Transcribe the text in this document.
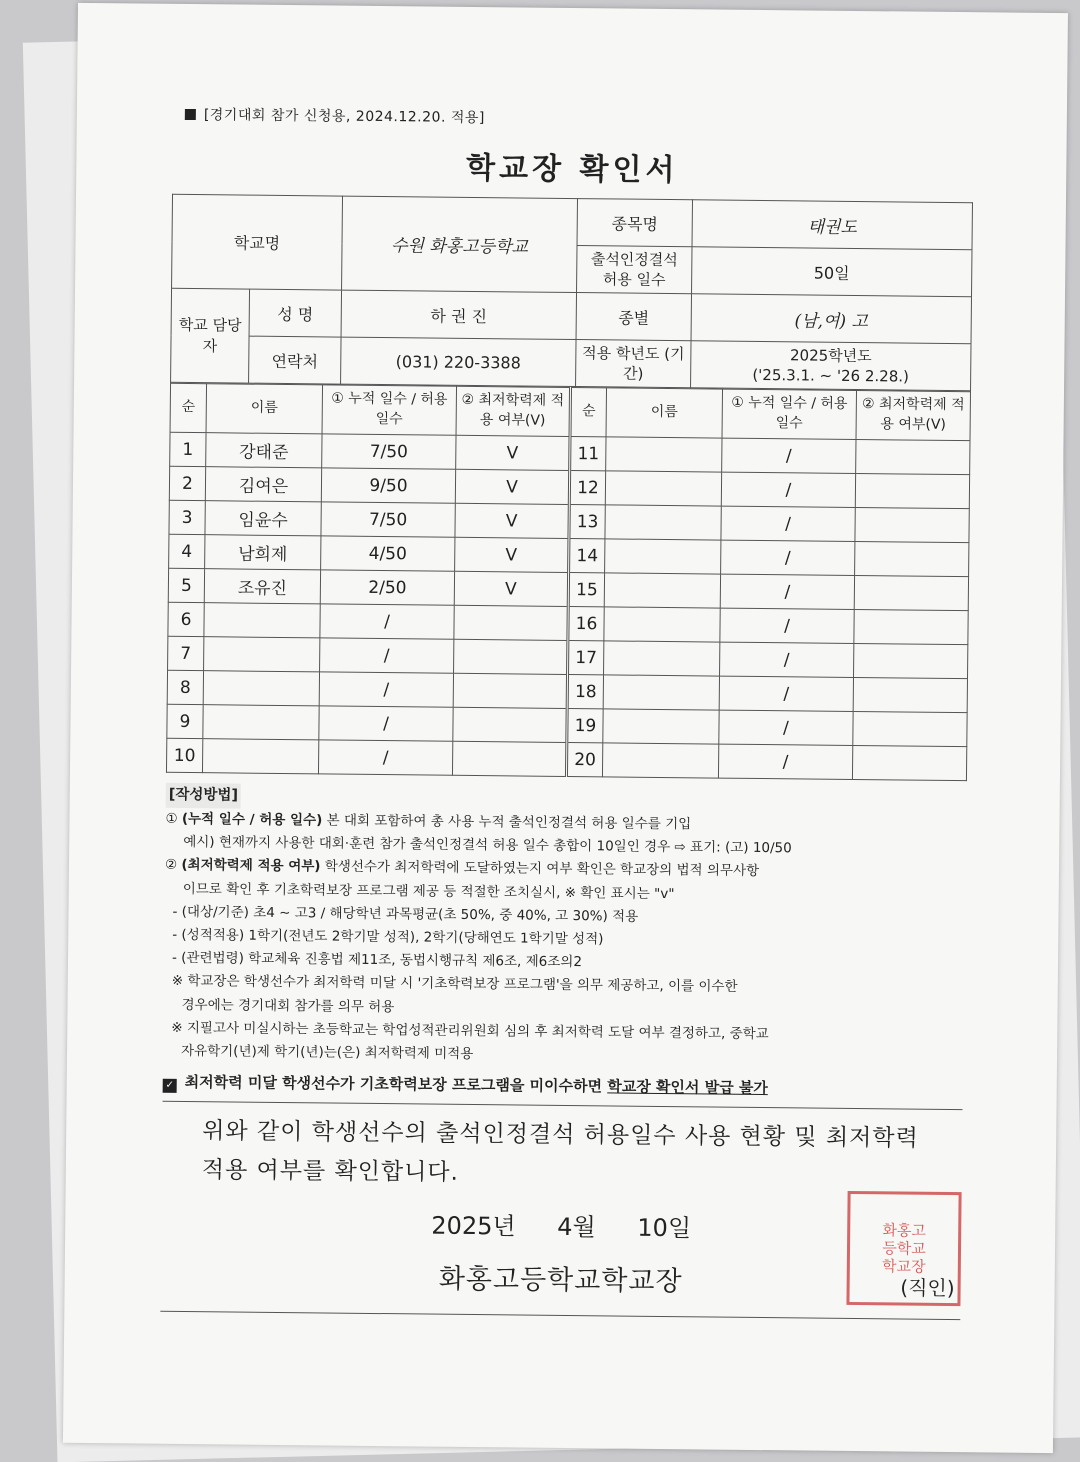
[경기대회 참가 신청용, 2024.12.20. 적용]
학교장 확인서
학교명		수원 화홍고등학교	종목명	태권도
			출석인정결석 허용 일수	50일
학교 담당자	성 명	하 권 진	종별	(남,여) 고
	연락처	(031) 220-3388	적용 학년도 (기간)	2025학년도
('25.3.1. ~ '26 2.28.)
순	이름	① 누적 일수 / 허용 일수	② 최저학력제 적용 여부(V)	순	이름	① 누적 일수 / 허용 일수	② 최저학력제 적용 여부(V)
1	강태준	7/50	V	11		/	
2	김여은	9/50	V	12		/	
3	임윤수	7/50	V	13		/	
4	남희제	4/50	V	14		/	
5	조유진	2/50	V	15		/	
6		/		16		/	
7		/		17		/	
8		/		18		/	
9		/		19		/	
10		/		20		/	
[작성방법]
① (누적 일수 / 허용 일수) 본 대회 포함하여 총 사용 누적 출석인정결석 허용 일수를 기입
예시) 현재까지 사용한 대회·훈련 참가 출석인정결석 허용 일수 총합이 10일인 경우 ⇨ 표기: (고) 10/50
② (최저학력제 적용 여부) 학생선수가 최저학력에 도달하였는지 여부 확인은 학교장의 법적 의무사항
이므로 확인 후 기초학력보장 프로그램 제공 등 적절한 조치실시, ※ 확인 표시는 "v"
- (대상/기준) 초4 ~ 고3 / 해당학년 과목평균(초 50%, 중 40%, 고 30%) 적용
- (성적적용) 1학기(전년도 2학기말 성적), 2학기(당해연도 1학기말 성적)
- (관련법령) 학교체육 진흥법 제11조, 동법시행규칙 제6조, 제6조의2
※ 학교장은 학생선수가 최저학력 미달 시 '기초학력보장 프로그램'을 의무 제공하고, 이를 이수한
경우에는 경기대회 참가를 의무 허용
※ 지필고사 미실시하는 초등학교는 학업성적관리위원회 심의 후 최저학력 도달 여부 결정하고, 중학교
자유학기(년)제 학기(년)는(은) 최저학력제 미적용
✓ 최저학력 미달 학생선수가 기초학력보장 프로그램을 미이수하면 학교장 확인서 발급 불가
위와 같이 학생선수의 출석인정결석 허용일수 사용 현황 및 최저학력
적용 여부를 확인합니다.
2025년 4월 10일
화홍고등학교학교장
화홍고
등학교
학교장
(직인)
